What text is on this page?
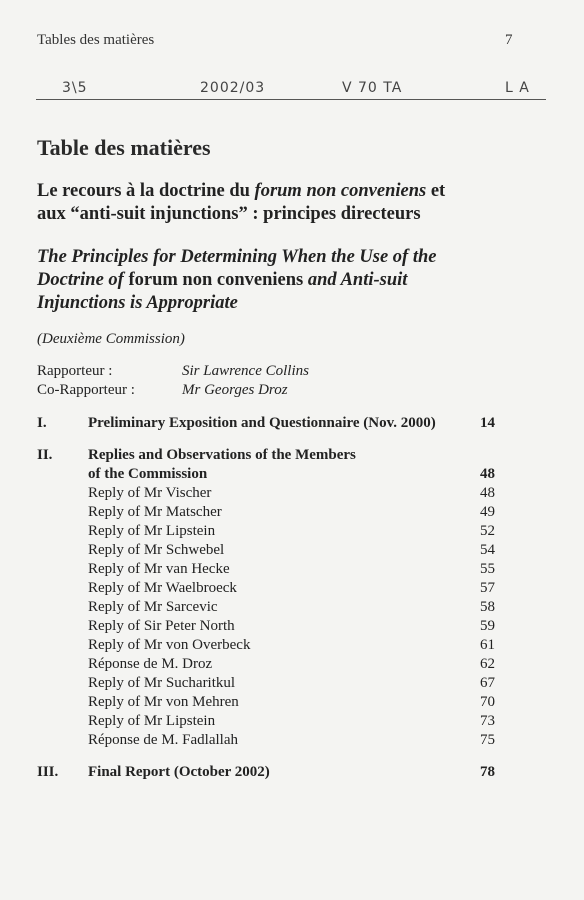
Tables des matières	7
3\5	2002/03	V 70 TA	L A
Table des matières
Le recours à la doctrine du forum non conveniens et
aux “anti-suit injunctions” : principes directeurs
The Principles for Determining When the Use of the
Doctrine of forum non conveniens and Anti-suit
Injunctions is Appropriate
(Deuxième Commission)
Rapporteur :	Sir Lawrence Collins
Co-Rapporteur :	Mr Georges Droz
I.	Preliminary Exposition and Questionnaire (Nov. 2000)	14
II. Replies and Observations of the Members
of the Commission	48
Reply of Mr Vischer	48
Reply of Mr Matscher	49
Reply of Mr Lipstein	52
Reply of Mr Schwebel	54
Reply of Mr van Hecke	55
Reply of Mr Waelbroeck	57
Reply of Mr Sarcevic	58
Reply of Sir Peter North	59
Reply of Mr von Overbeck	61
Réponse de M. Droz	62
Reply of Mr Sucharitkul	67
Reply of Mr von Mehren	70
Reply of Mr Lipstein	73
Réponse de M. Fadlallah	75
III. Final Report (October 2002)	78
